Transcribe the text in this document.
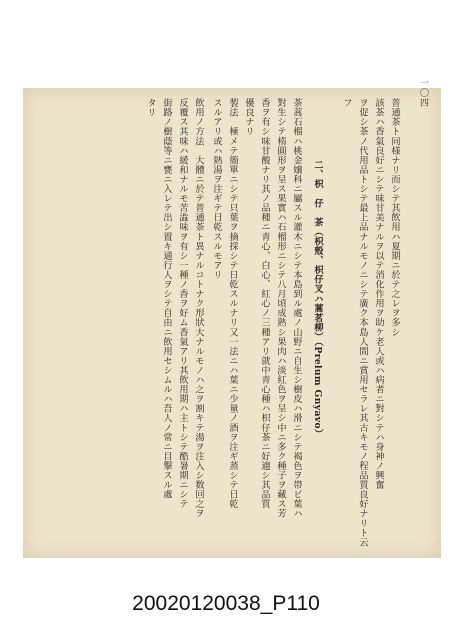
一〇四
普通茶ト同様ナリ而シテ其飲用ハ夏期ニ於テ之レヲ多シ
該茶ハ香氣良好ニシテ味甘美ナルヲ以テ消化作用ヲ助ケ老人或ハ病者ニ對シテハ身神ノ興奮
ヲ促シ茶ノ代用品トシテ最上品ナルモノニシテ廣ク本島人間ニ賞用セラレ其古キモノ程品質良好ナリト云
フ
二、枳　仔　茶（枳殼、枳仔叉ハ蒿茗柳）（Prelum Gnyavo）
茶蒿石榴ハ桃金嬢科ニ屬スル灌木ニシテ本島到ル處ノ山野ニ自生シ樹皮ハ滑ニシテ褐色ヲ帯ビ葉ハ
對生シテ楕圓形ヲ呈ス果實ハ石榴形ニシテ八月頃成熟シ果肉ハ淡紅色ヲ呈シ中ニ多ク種子ヲ藏ス芳
香ヲ有シ味甘酸ナリ其ノ品種ニ青心、白心、紅心ノ三種アリ就中青心種ハ枳仔茶ニ好適シ其品質
優良ナリ
製法　極メテ簡單ニシテ只葉ヲ摘採シテ日乾スルナリ又一法ニハ葉ニ少量ノ酒ヲ注ギ蒸シテ日乾
スルアリ或ハ熱湯ヲ注ギテ日乾スルモアリ
飲用ノ方法　大體ニ於テ普通茶ト異ナルコトナク形狀大ナルモノハ之ヲ割キテ湯ヲ注入シ数回之ヲ
反覆ス其味ハ緩和ナルモ苦澁味ヲ有シ一種ノ香ヲ好ム香氣アリ其飲用期ハ主トシテ酷暑期ニシテ
街路ノ樹蔭等ニ甕ニ入レテ出シ置キ通行人ヲシテ自由ニ飲用セシムルハ吾人ノ常ニ目撃スル處
タリ
20020120038_P110
